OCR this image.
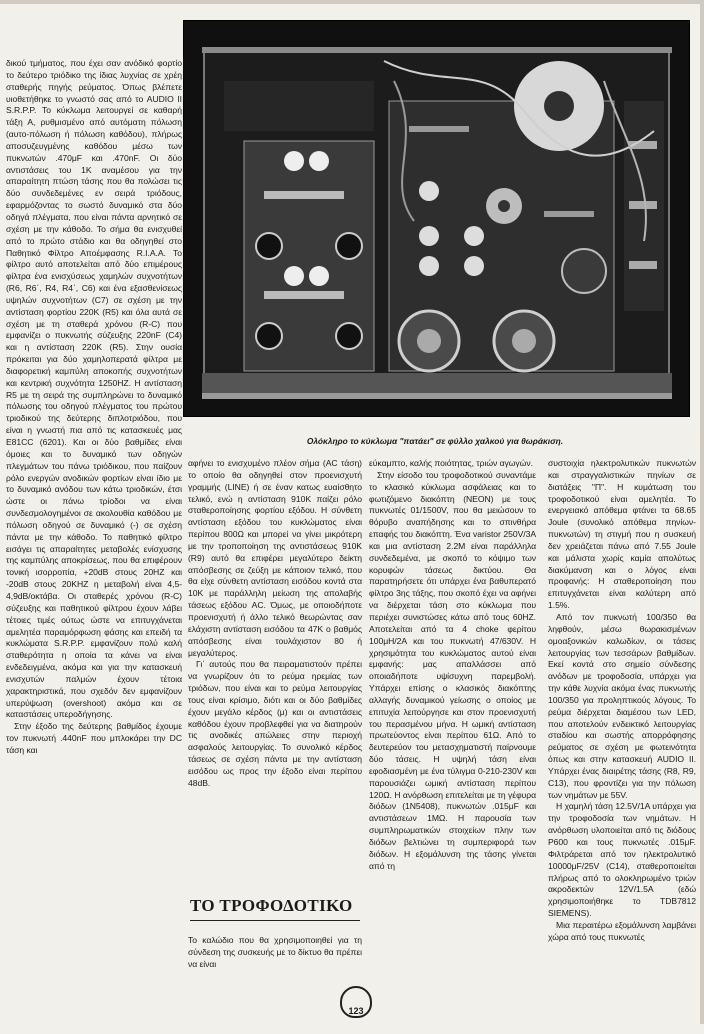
δικού τμήματος, που έχει σαν ανόδικό φορτίο το δεύτερο τριόδικο της ίδιας λυχνίας σε χρέη σταθερής πηγής ρεύματος. Όπως βλέπετε υιοθετήθηκε το γνωστό σας από το AUDIO II S.R.P.P. Το κύκλωμα λειτουργεί σε καθαρή τάξη Α, ρυθμισμένο από αυτόματη πόλωση (αυτο-πόλωση ή πόλωση καθόδου), πλήρως αποσυζευγμένης καθόδου μέσω των πυκνωτών .470μF και .470nF. Οι δύο αντιστάσεις του 1Κ αναμέσου για την απαραίτητη πτώση τάσης που θα πολώσει τις δύο συνδεδεμένες εν σειρά τριόδους, εφαρμόζοντας το σωστό δυναμικό στα δύο οδηγά πλέγματα, που είναι πάντα αρνητικό σε σχέση με την κάθοδο. Το σήμα θα ενισχυθεί από το πρώτο στάδιο και θα οδηγηθεί στο Παθητικό Φίλτρο Αποέμφασης R.I.A.A. Το φίλτρο αυτό αποτελείται από δύο επιμέρους φίλτρα ένα ενισχύσεως χαμηλών συχνοτήτων (R6, R6΄, R4, R4΄, C6) και ένα εξασθενίσεως υψηλών συχνοτήτων (C7) σε σχέση με την αντίσταση φορτίου 220K (R5) και όλα αυτά σε σχέση με τη σταθερά χρόνου (R-C) που εμφανίζει ο πυκνωτής σύζευξης 220nF (C4) και η αντίσταση 220K (R5). Στην ουσία πρόκειται για δύο χαμηλοπερατά φίλτρα με διαφορετική καμπύλη αποκοπής συχνοτήτων και κεντρική συχνότητα 1250HZ. Η αντίσταση R5 με τη σειρά της συμπληρώνει το δυναμικό πόλωσης του οδηγού πλέγματος του πρώτου τριοδικού της δεύτερης διπλοτριόδου, που είναι η γνωστή πια από τις κατασκευές μας E81CC (6201). Και οι δύο βαθμίδες είναι όμοιες και το δυναμικό των οδηγών πλεγμάτων του πάνω τριόδικου, που παίζουν ρόλο ενεργών ανοδικών φορτίων είναι ίδιο με το δυναμικό ανόδου των κάτω τριοδικών, έτσι ώστε οι πάνω τρίοδοι να είναι συνδεσμολογημένοι σε ακολουθία καθόδου με πόλωση οδηγού σε δυναμικό (-) σε σχέση πάντα με την κάθοδο. Το παθητικό φίλτρο εισάγει τις απαραίτητες μεταβολές ενίσχυσης της καμπύλης αποκρίσεως, που θα επιφέρουν τονική ισορροπία, +20dB στους 20HZ και -20dB στους 20KHZ η μεταβολή είναι 4,5-4,9dB/οκτάβα. Οι σταθερές χρόνου (R-C) σύζευξης και παθητικού φίλτρου έχουν λάβει τέτοιες τιμές ούτως ώστε να επιτυγχάνεται αμελητέα παραμόρφωση φάσης και επειδή τα κυκλώματα S.R.P.P. εμφανίζουν πολύ καλή σταθερότητα η οποία τα κάνει να είναι ενδεδειγμένα, ακόμα και για την κατασκευή ενισχυτών παλμών έχουν τέτοια χαρακτηριστικά, που σχεδόν δεν εμφανίζουν υπερύψωση (overshoot) ακόμα και σε καταστάσεις υπεροδήγησης.

Στην έξοδο της δεύτερης βαθμίδος έχουμε τον πυκνωτή .440nF που μπλοκάρει την DC τάση και

Ολόκληρο το κύκλωμα "πατάει" σε φύλλο χαλκού για θωράκιση.

αφήνει το ενισχυμένο πλέον σήμα (AC τάση) το οποίο θα οδηγηθεί στον προενισχυτή γραμμής (LINE) ή σε έναν κατως ευαίσθητο τελικό, ενώ η αντίσταση 910Κ παίζει ρόλο σταθεροποίησης φορτίου εξόδου. Η σύνθετη αντίσταση εξόδου του κυκλώματος είναι περίπου 800Ω και μπορεί να γίνει μικρότερη με την τροποποίηση της αντιστάσεως 910Κ (R9) αυτό θα επιφέρει μεγαλύτερο δείκτη απόσβεσης σε ζεύξη με κάποιον τελικό, που θα είχε σύνθετη αντίσταση εισόδου κοντά στα 10Κ με παράλληλη μείωση της απολαβής τάσεως εξόδου AC. Όμως, με οποιοδήποτε προενισχυτή ή άλλο τελικό θεωρώντας σαν ελάχιστη αντίσταση εισόδου τα 47Κ ο βαθμός απόσβεσης είναι τουλάχιστον 80 ή μεγαλύτερος.

Γι΄ αυτούς που θα πειραματιστούν πρέπει να γνωρίζουν ότι το ρεύμα ηρεμίας των τριόδων, που είναι και το ρεύμα λειτουργίας τους είναι κρίσιμο, διότι και οι δύο βαθμίδες έχουν μεγάλο κέρδος (μ) και οι αντιστάσεις καθόδου έχουν προβλεφθεί για να διατηρούν τις ανοδικές απώλειες στην περιοχή ασφαλούς λειτουργίας. Το συνολικό κέρδος τάσεως σε σχέση πάντα με την αντίσταση εισόδου ως προς την έξοδο είναι περίπου 48dB.

ΤΟ ΤΡΟΦΟΔΟΤΙΚΟ

Το καλώδιο που θα χρησιμοποιηθεί για τη σύνδεση της συσκευής με το δίκτυο θα πρέπει να είναι

εύκαμπτο, καλής ποιότητας, τριών αγωγών.

Στην είσοδο του τροφοδοτικού συναντάμε το κλασικό κύκλωμα ασφάλειας και το φωτιζόμενο διακόπτη (NEON) με τους πυκνωτές 01/1500V, που θα μειώσουν το θόρυβο αναπήδησης και το σπινθήρα επαφής του διακόπτη. Ένα varistor 250V/3A και μια αντίσταση 2.2M είναι παράλληλα συνδεδεμένα, με σκοπό το κόψιμο των κορυφών τάσεως δικτύου. Θα παρατηρήσετε ότι υπάρχει ένα βαθυπερατό φίλτρο 3ης τάξης, που σκοπό έχει να αφήνει να διέρχεται τάση στο κύκλωμα που περιέχει συνιστώσες κάτω από τους 60HZ. Αποτελείται από τα 4 choke φερίτου 100μΗ/2Α και του πυκνωτή 47/630V. Η χρησιμότητα του κυκλώματος αυτού είναι εμφανής: μας απαλλάσσει από οποιαδήποτε υψίσυχνη παρεμβολή. Υπάρχει επίσης ο κλασικός διακόπτης αλλαγής δυναμικού γείωσης ο οποίος με επιτυχία λειτούργησε και στον προενισχυτή του περασμένου μήνα. Η ωμική αντίσταση πρωτεύοντος είναι περίπου 61Ω. Από το δευτερεύον του μετασχηματιστή παίρνουμε δύο τάσεις. Η υψηλή τάση είναι εφοδιασμένη με ένα τύλιγμα 0-210-230V και παρουσιάζει ωμική αντίσταση περίπου 120Ω. Η ανόρθωση επιτελείται με τη γέφυρα διόδων (1N5408), πυκνωτών .015μF και αντιστάσεων 1ΜΩ. Η παρουσία των συμπληρωματικών στοιχείων πλην των διόδων βελτιώνει τη συμπεριφορά των διόδων. Η εξομάλυνση της τάσης γίνεται από τη

συστοιχία ηλεκτρολυτικών πυκνωτών και στραγγαλιστικών πηνίων σε διατάξεις "Π". Η κυμάτωση του τροφοδοτικού είναι αμελητέα. Το ενεργειακό απόθεμα φτάνει τα 68.65 Joule (συνολικό απόθεμα πηνίων-πυκνωτών) τη στιγμή που η συσκευή δεν χρειάζεται πάνω από 7.55 Joule και μάλιστα χωρίς καμία απολύτως διακύμανση και ο λόγος είναι προφανής: Η σταθεροποίηση που επιτυγχάνεται είναι καλύτερη από 1.5%.

Από τον πυκνωτή 100/350 θα ληφθούν, μέσω θωρακισμένων ομοαξονικών καλωδίων, οι τάσεις λειτουργίας των τεσσάρων βαθμίδων. Εκεί κοντά στο σημείο σύνδεσης ανόδων με τροφοδοσία, υπάρχει για την κάθε λυχνία ακόμα ένας πυκνωτής 100/350 για προληπτικούς λόγους. Το ρεύμα διέρχεται διαμέσου των LED, που αποτελούν ενδεικτικό λειτουργίας σταδίου και σωστής απορρόφησης ρεύματος σε σχέση με φωτεινότητα όπως και στην κατασκευή AUDIO II. Υπάρχει ένας διαιρέτης τάσης (R8, R9, C13), που φροντίζει για την πόλωση των νημάτων με 55V.

Η χαμηλή τάση 12.5V/1A υπάρχει για την τροφοδοσία των νημάτων. Η ανόρθωση υλοποιείται από τις διόδους P600 και τους πυκνωτές .015μF. Φιλτράρεται από τον ηλεκτρολυτικό 10000μF/25V (C14), σταθεροποιείται πλήρως από το ολοκληρωμένο τριών ακροδεκτών 12V/1.5Α (εδώ χρησιμοποιήθηκε το TDB7812 SIEMENS).

Μια περαιτέρω εξομάλυνση λαμβάνει χώρα από τους πυκνωτές

123
